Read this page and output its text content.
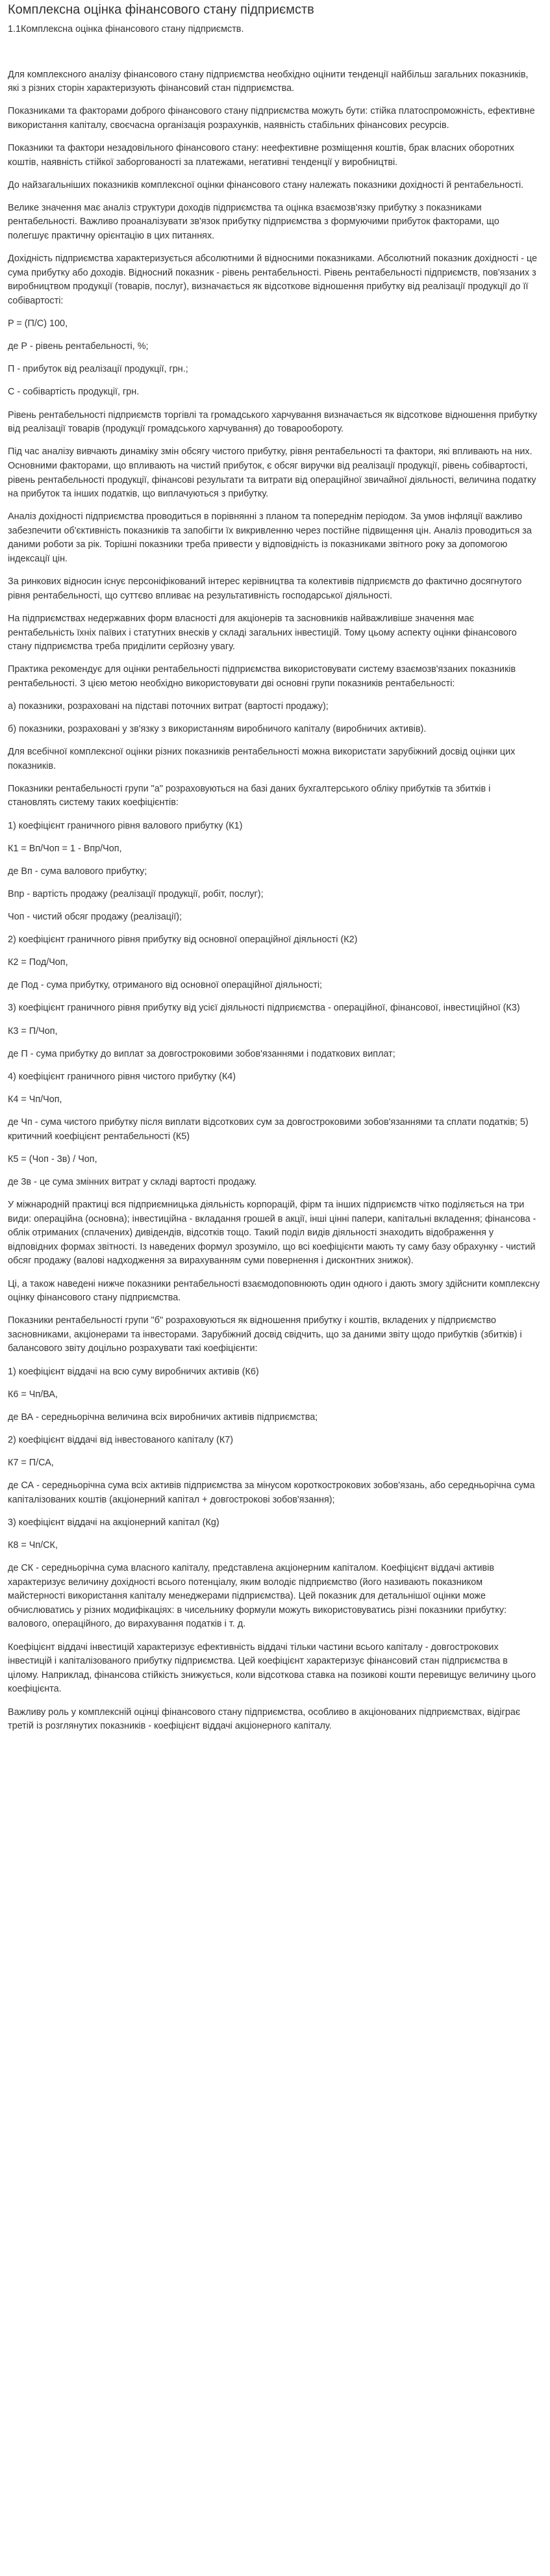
Комплексна оцінка фінансового стану підприємств
1.1Комплексна оцінка фінансового стану підприємств.

Для комплексного аналізу фінансового стану підприємства необхідно оцінити тенденції найбільш загальних показників, які з різних сторін характеризують фінансовий стан підприємства.

Показниками та факторами доброго фінансового стану підприємства можуть бути: стійка платоспроможність, ефективне використання капіталу, своєчасна організація розрахунків, наявність стабільних фінансових ресурсів.

Показники та фактори незадовільного фінансового стану: неефективне розміщення коштів, брак власних оборотних коштів, наявність стійкої заборгованості за платежами, негативні тенденції у виробництві.

До найзагальніших показників комплексної оцінки фінансового стану належать показники дохідності й рентабельності.

Велике значення має аналіз структури доходів підприємства та оцінка взаємозв'язку прибутку з показниками рентабельності. Важливо проаналізувати зв'язок прибутку підприємства з формуючими прибуток факторами, що полегшує практичну орієнтацію в цих питаннях.

Дохідність підприємства характеризується абсолютними й відносними показниками. Абсолютний показник дохідності - це сума прибутку або доходів. Відносний показник - рівень рентабельності. Рівень рентабельності підприємств, пов'язаних з виробництвом продукції (товарів, послуг), визначається як відсоткове відношення прибутку від реалізації продукції до її собівартості:

P = (П/С) 100,

де Р - рівень рентабельності, %;

П - прибуток від реалізації продукції, грн.;

С - собівартість продукції, грн.

Рівень рентабельності підприємств торгівлі та громадського харчування визначається як відсоткове відношення прибутку від реалізації товарів (продукції громадського харчування) до товарообороту.

Під час аналізу вивчають динаміку змін обсягу чистого прибутку, рівня рентабельності та фактори, які впливають на них. Основними факторами, що впливають на чистий прибуток, є обсяг виручки від реалізації продукції, рівень собівартості, рівень рентабельності продукції, фінансові результати та витрати від операційної звичайної діяльності, величина податку на прибуток та інших податків, що виплачуються з прибутку.

Аналіз дохідності підприємства проводиться в порівнянні з планом та попереднім періодом. За умов інфляції важливо забезпечити об'єктивність показників та запобігти їх викривленню через постійне підвищення цін. Аналіз проводиться за даними роботи за рік. Торішні показники треба привести у відповідність із показниками звітного року за допомогою індексації цін.

За ринкових відносин існує персоніфікований інтерес керівництва та колективів підприємств до фактично досягнутого рівня рентабельності, що суттєво впливає на результативність господарської діяльності.

На підприємствах недержавних форм власності для акціонерів та засновників найважливіше значення має рентабельність їхніх паївих і статутних внесків у складі загальних інвестицій. Тому цьому аспекту оцінки фінансового стану підприємства треба приділити серйозну увагу.

Практика рекомендує для оцінки рентабельності підприємства використовувати систему взаємозв'язаних показників рентабельності. З цією метою необхідно використовувати дві основні групи показників рентабельності:

а) показники, розраховані на підставі поточних витрат (вартості продажу);

б) показники, розраховані у зв'язку з використанням виробничого капіталу (виробничих активів).

Для всебічної комплексної оцінки різних показників рентабельності можна використати зарубіжний досвід оцінки цих показників.

Показники рентабельності групи "а" розраховуються на базі даних бухгалтерського обліку прибутків та збитків і становлять систему таких коефіцієнтів:

1) коефіцієнт граничного рівня валового прибутку (К1)

К1 = Вп/Чоп = 1 - Впр/Чоп,

де Вп - сума валового прибутку;

Впр - вартість продажу (реалізації продукції, робіт, послуг);

Чоп - чистий обсяг продажу (реалізації);

2) коефіцієнт граничного рівня прибутку від основної операційної діяльності (К2)

К2 = Под/Чоп,

де Под - сума прибутку, отриманого від основної операційної діяльності;

3) коефіцієнт граничного рівня прибутку від усієї діяльності підприємства - операційної, фінансової, інвестиційної (К3)

К3 = П/Чоп,

де П - сума прибутку до виплат за довгостроковими зобов'язаннями і податкових виплат;

4) коефіцієнт граничного рівня чистого прибутку (К4)

К4 = Чп/Чоп,

де Чп - сума чистого прибутку після виплати відсоткових сум за довгостроковими зобов'язаннями та сплати податків; 5) критичний коефіцієнт рентабельності (К5)

К5 = (Чоп - 3в) / Чоп,

де 3в - це сума змінних витрат у складі вартості продажу.

У міжнародній практиці вся підприємницька діяльність корпорацій, фірм та інших підприємств чітко поділяється на три види: операційна (основна); інвестиційна - вкладання грошей в акції, інші цінні папери, капітальні вкладення; фінансова - облік отриманих (сплачених) дивідендів, відсотків тощо. Такий поділ видів діяльності знаходить відображення у відповідних формах звітності. Із наведених формул зрозуміло, що всі коефіцієнти мають ту саму базу обрахунку - чистий обсяг продажу (валові надходження за вирахуванням суми повернення і дисконтних знижок).

Ці, а також наведені нижче показники рентабельності взаємодоповнюють один одного і дають змогу здійснити комплексну оцінку фінансового стану підприємства.

Показники рентабельності групи "б" розраховуються як відношення прибутку і коштів, вкладених у підприємство засновниками, акціонерами та інвесторами. Зарубіжний досвід свідчить, що за даними звіту щодо прибутків (збитків) і балансового звіту доцільно розрахувати такі коефіцієнти:

1) коефіцієнт віддачі на всю суму виробничих активів (К6)

К6 = Чп/ВА,

де ВА - середньорічна величина всіх виробничих активів підприємства;

2) коефіцієнт віддачі від інвестованого капіталу (К7)

К7 = П/СА,

де СА - середньорічна сума всіх активів підприємства за мінусом короткострокових зобов'язань, або середньорічна сума капіталізованих коштів (акціонерний капітал + довгострокові зобов'язання);

3) коефіцієнт віддачі на акціонерний капітал (Кg)

К8 = Чп/СК,

де СК - середньорічна сума власного капіталу, представлена акціонерним капіталом. Коефіцієнт віддачі активів характеризує величину дохідності всього потенціалу, яким володіє підприємство (його називають показником майстерності використання капіталу менеджерами підприємства). Цей показник для детальнішої оцінки може обчислюватись у різних модифікаціях: в чисельнику формули можуть використовуватись різні показники прибутку: валового, операційного, до вирахування податків і т. д.

Коефіцієнт віддачі інвестицій характеризує ефективність віддачі тільки частини всього капіталу - довгострокових інвестицій і капіталізованого прибутку підприємства. Цей коефіцієнт характеризує фінансовий стан підприємства в цілому. Наприклад, фінансова стійкість знижується, коли відсоткова ставка на позикові кошти перевищує величину цього коефіцієнта.

Важливу роль у комплексній оцінці фінансового стану підприємства, особливо в акціонованих підприємствах, відіграє третій із розглянутих показників - коефіцієнт віддачі акціонерного капіталу.
